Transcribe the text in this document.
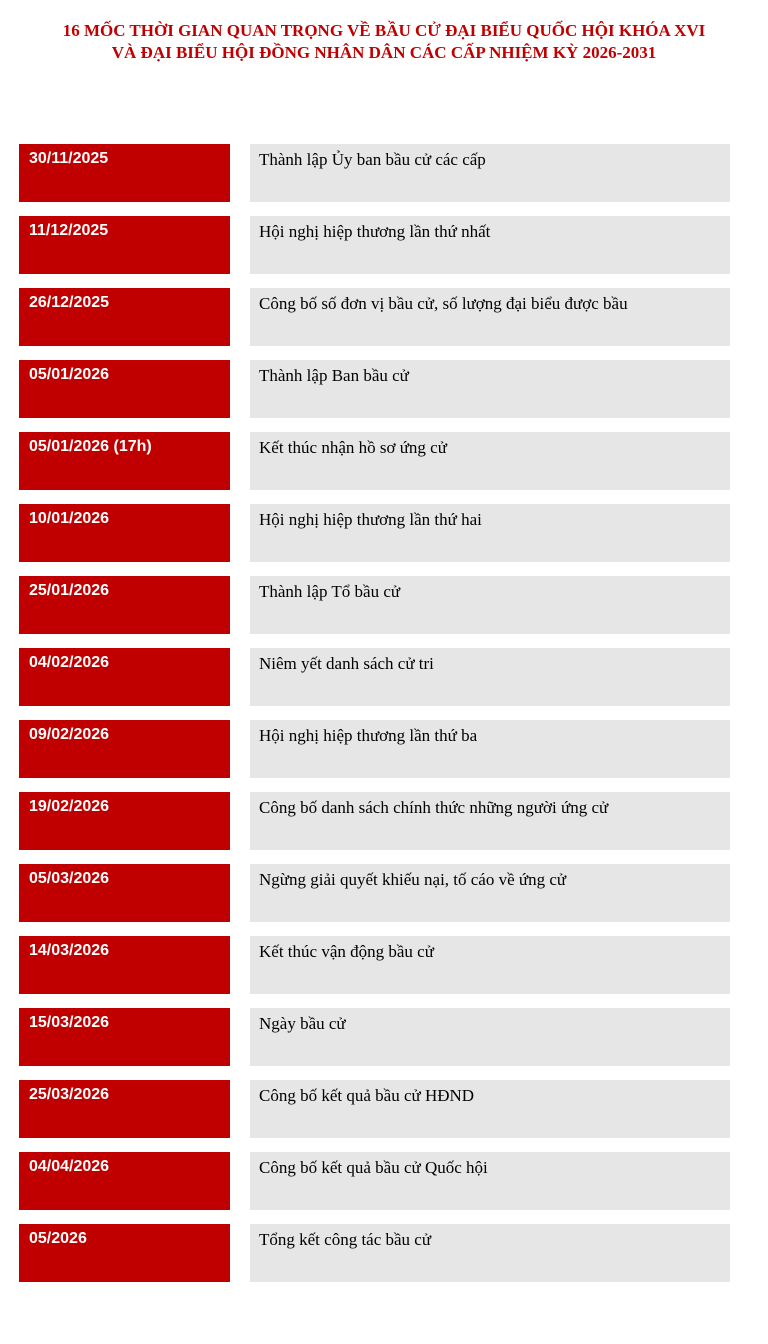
16 MỐC THỜI GIAN QUAN TRỌNG VỀ BẦU CỬ ĐẠI BIỂU QUỐC HỘI KHÓA XVI
VÀ ĐẠI BIỂU HỘI ĐỒNG NHÂN DÂN CÁC CẤP NHIỆM KỲ 2026-2031
30/11/2025	Thành lập Ủy ban bầu cử các cấp
11/12/2025	Hội nghị hiệp thương lần thứ nhất
26/12/2025	Công bố số đơn vị bầu cử, số lượng đại biểu được bầu
05/01/2026	Thành lập Ban bầu cử
05/01/2026 (17h)	Kết thúc nhận hồ sơ ứng cử
10/01/2026	Hội nghị hiệp thương lần thứ hai
25/01/2026	Thành lập Tổ bầu cử
04/02/2026	Niêm yết danh sách cử tri
09/02/2026	Hội nghị hiệp thương lần thứ ba
19/02/2026	Công bố danh sách chính thức những người ứng cử
05/03/2026	Ngừng giải quyết khiếu nại, tố cáo về ứng cử
14/03/2026	Kết thúc vận động bầu cử
15/03/2026	Ngày bầu cử
25/03/2026	Công bố kết quả bầu cử HĐND
04/04/2026	Công bố kết quả bầu cử Quốc hội
05/2026	Tổng kết công tác bầu cử
